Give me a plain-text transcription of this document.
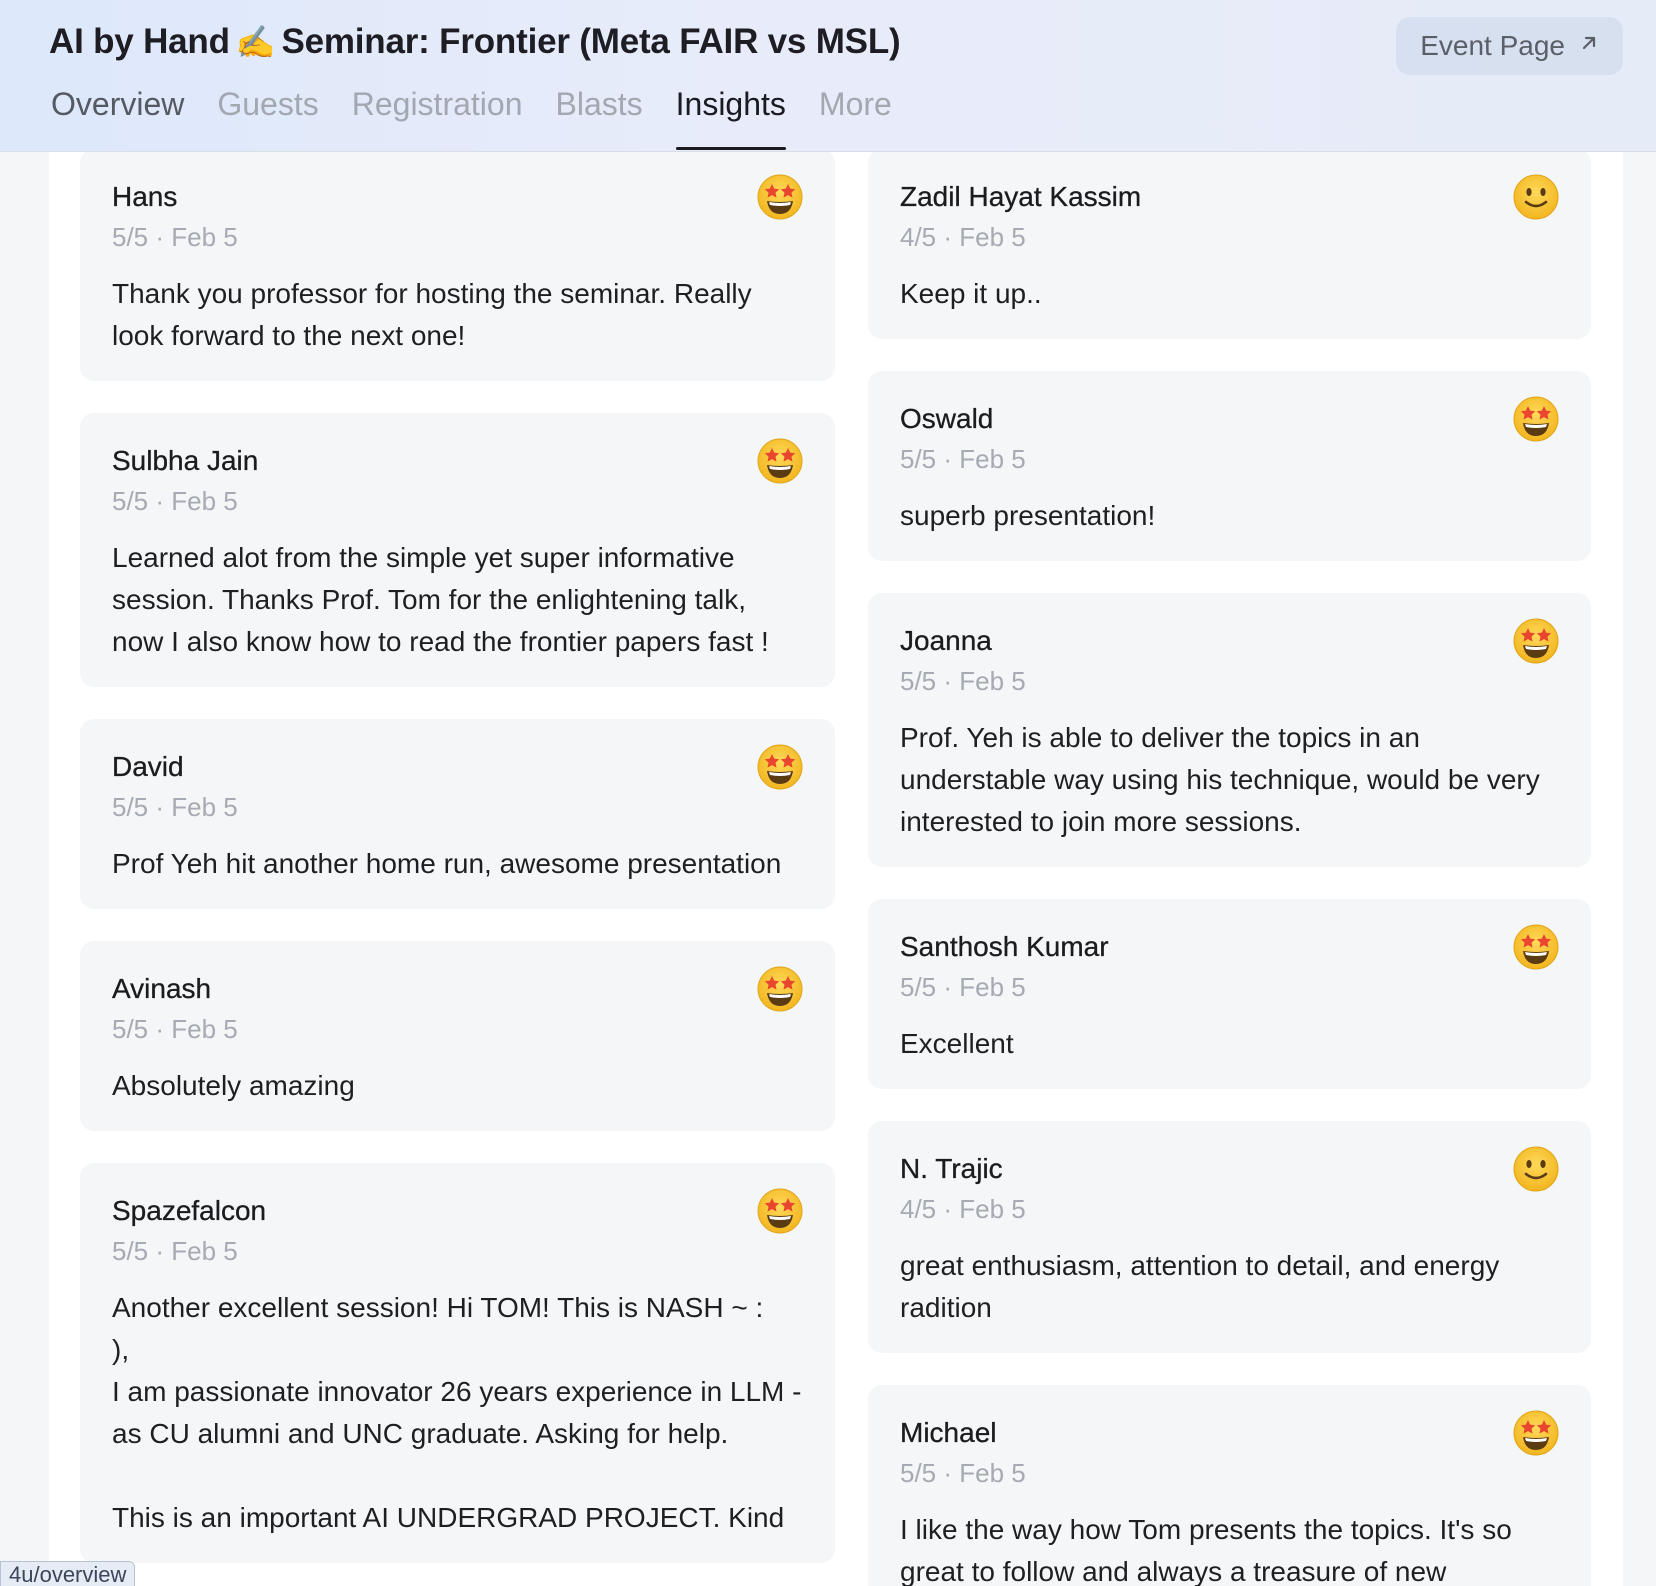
AI by Hand ✍️ Seminar: Frontier (Meta FAIR vs MSL)	Event Page
Overview Guests Registration Blasts Insights More
Hans
5/5 · Feb 5
Thank you professor for hosting the seminar. Really look forward to the next one!
Sulbha Jain
5/5 · Feb 5
Learned alot from the simple yet super informative session. Thanks Prof. Tom for the enlightening talk, now I also know how to read the frontier papers fast !
David
5/5 · Feb 5
Prof Yeh hit another home run, awesome presentation
Avinash
5/5 · Feb 5
Absolutely amazing
Spazefalcon
5/5 · Feb 5
Another excellent session! Hi TOM! This is NASH ~ :
),
I am passionate innovator 26 years experience in LLM - as CU alumni and UNC graduate. Asking for help.

This is an important AI UNDERGRAD PROJECT. Kind
Zadil Hayat Kassim
4/5 · Feb 5
Keep it up..
Oswald
5/5 · Feb 5
superb presentation!
Joanna
5/5 · Feb 5
Prof. Yeh is able to deliver the topics in an understable way using his technique, would be very interested to join more sessions.
Santhosh Kumar
5/5 · Feb 5
Excellent
N. Trajic
4/5 · Feb 5
great enthusiasm, attention to detail, and energy radition
Michael
5/5 · Feb 5
I like the way how Tom presents the topics. It's so great to follow and always a treasure of new
4u/overview
